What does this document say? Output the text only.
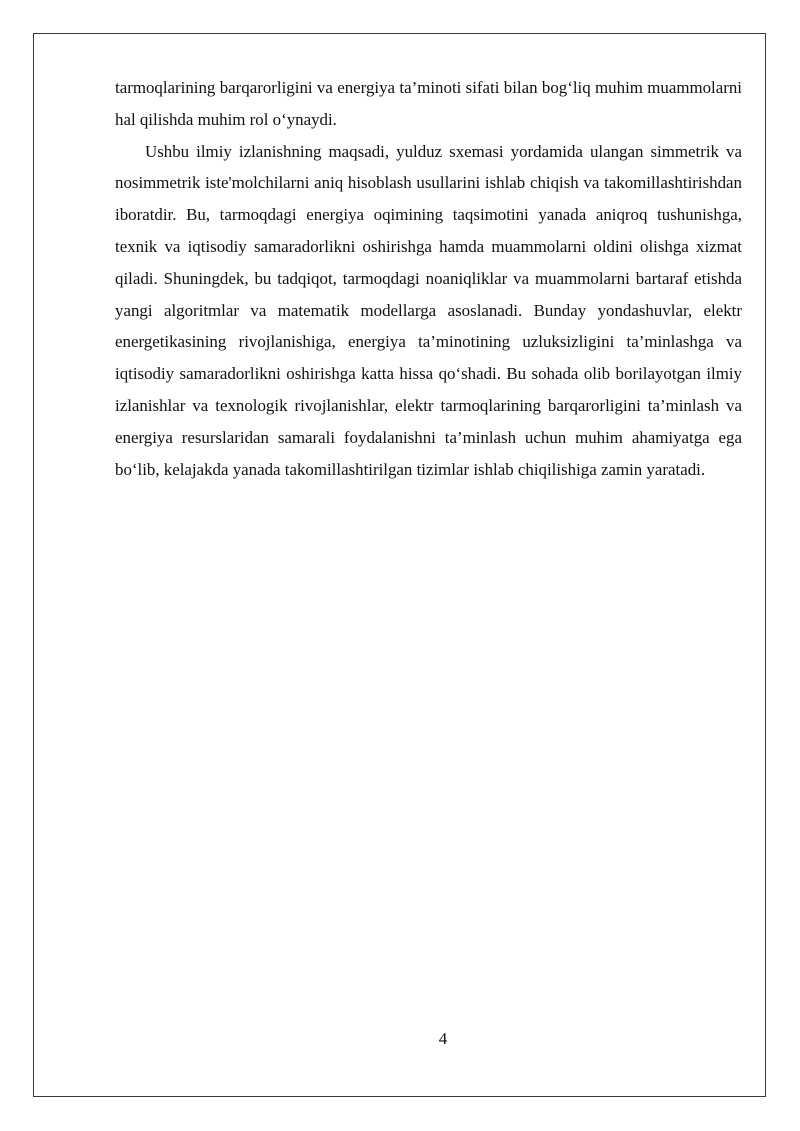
tarmoqlarining barqarorligini va energiya ta’minoti sifati bilan bog‘liq muhim muammolarni hal qilishda muhim rol o‘ynaydi.

Ushbu ilmiy izlanishning maqsadi, yulduz sxemasi yordamida ulangan simmetrik va nosimmetrik iste'molchilarni aniq hisoblash usullarini ishlab chiqish va takomillashtirishdan iboratdir. Bu, tarmoqdagi energiya oqimining taqsimotini yanada aniqroq tushunishga, texnik va iqtisodiy samaradorlikni oshirishga hamda muammolarni oldini olishga xizmat qiladi. Shuningdek, bu tadqiqot, tarmoqdagi noaniqliklar va muammolarni bartaraf etishda yangi algoritmlar va matematik modellarga asoslanadi. Bunday yondashuvlar, elektr energetikasining rivojlanishiga, energiya ta’minotining uzluksizligini ta’minlashga va iqtisodiy samaradorlikni oshirishga katta hissa qo‘shadi. Bu sohada olib borilayotgan ilmiy izlanishlar va texnologik rivojlanishlar, elektr tarmoqlarining barqarorligini ta’minlash va energiya resurslaridan samarali foydalanishni ta’minlash uchun muhim ahamiyatga ega bo‘lib, kelajakda yanada takomillashtirilgan tizimlar ishlab chiqilishiga zamin yaratadi.

4
